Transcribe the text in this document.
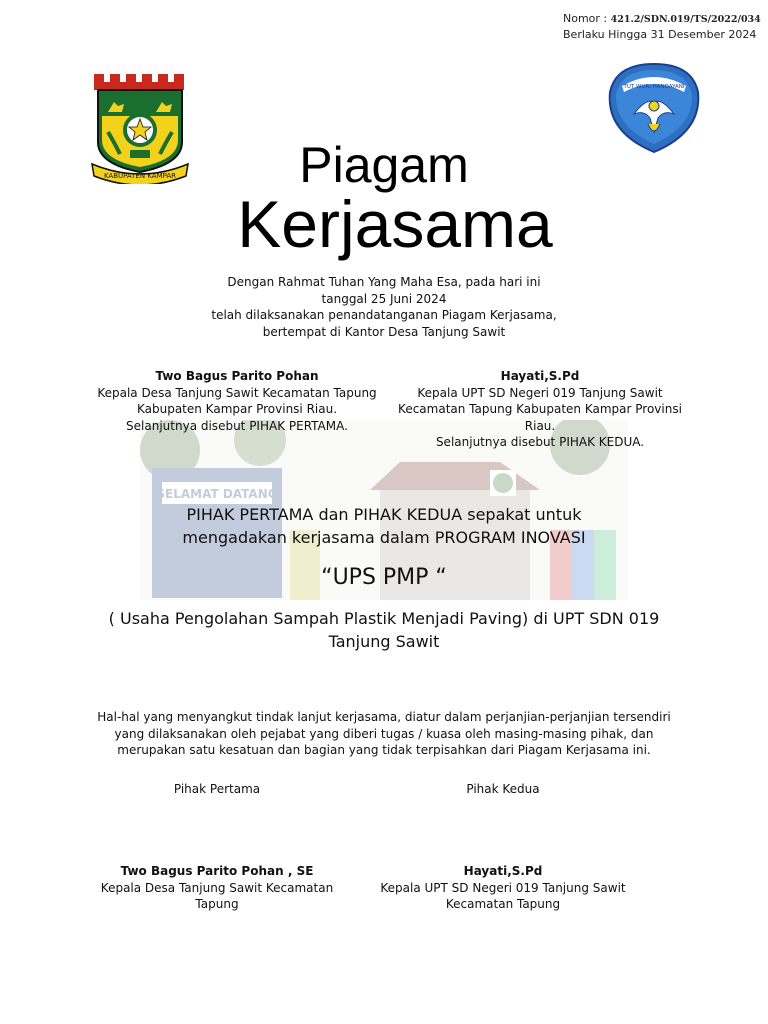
Nomor : 421.2/SDN.019/TS/2022/034
Berlaku Hingga 31 Desember 2024
KABUPATEN KAMPAR
TUT WURI HANDAYANI
Piagam
Kerjasama
Dengan Rahmat Tuhan Yang Maha Esa, pada hari ini
tanggal 25 Juni 2024
telah dilaksanakan penandatanganan Piagam Kerjasama,
bertempat di Kantor Desa Tanjung Sawit
SELAMAT DATANG
Two Bagus Parito Pohan
Kepala Desa Tanjung Sawit Kecamatan Tapung Kabupaten Kampar Provinsi Riau.
Selanjutnya disebut PIHAK PERTAMA.
Hayati,S.Pd
Kepala UPT SD Negeri 019 Tanjung Sawit Kecamatan Tapung Kabupaten Kampar Provinsi Riau.
Selanjutnya disebut PIHAK KEDUA.
PIHAK PERTAMA dan PIHAK KEDUA sepakat untuk mengadakan kerjasama dalam PROGRAM INOVASI
“UPS PMP “
( Usaha Pengolahan Sampah Plastik Menjadi Paving) di UPT SDN 019 Tanjung Sawit
Hal-hal yang menyangkut tindak lanjut kerjasama, diatur dalam perjanjian-perjanjian tersendiri yang dilaksanakan oleh pejabat yang diberi tugas / kuasa oleh masing-masing pihak, dan merupakan satu kesatuan dan bagian yang tidak terpisahkan dari Piagam Kerjasama ini.
Pihak Pertama	Pihak Kedua
Two Bagus Parito Pohan , SE
Kepala Desa Tanjung Sawit Kecamatan
Tapung
Hayati,S.Pd
Kepala UPT SD Negeri 019 Tanjung Sawit
Kecamatan Tapung
